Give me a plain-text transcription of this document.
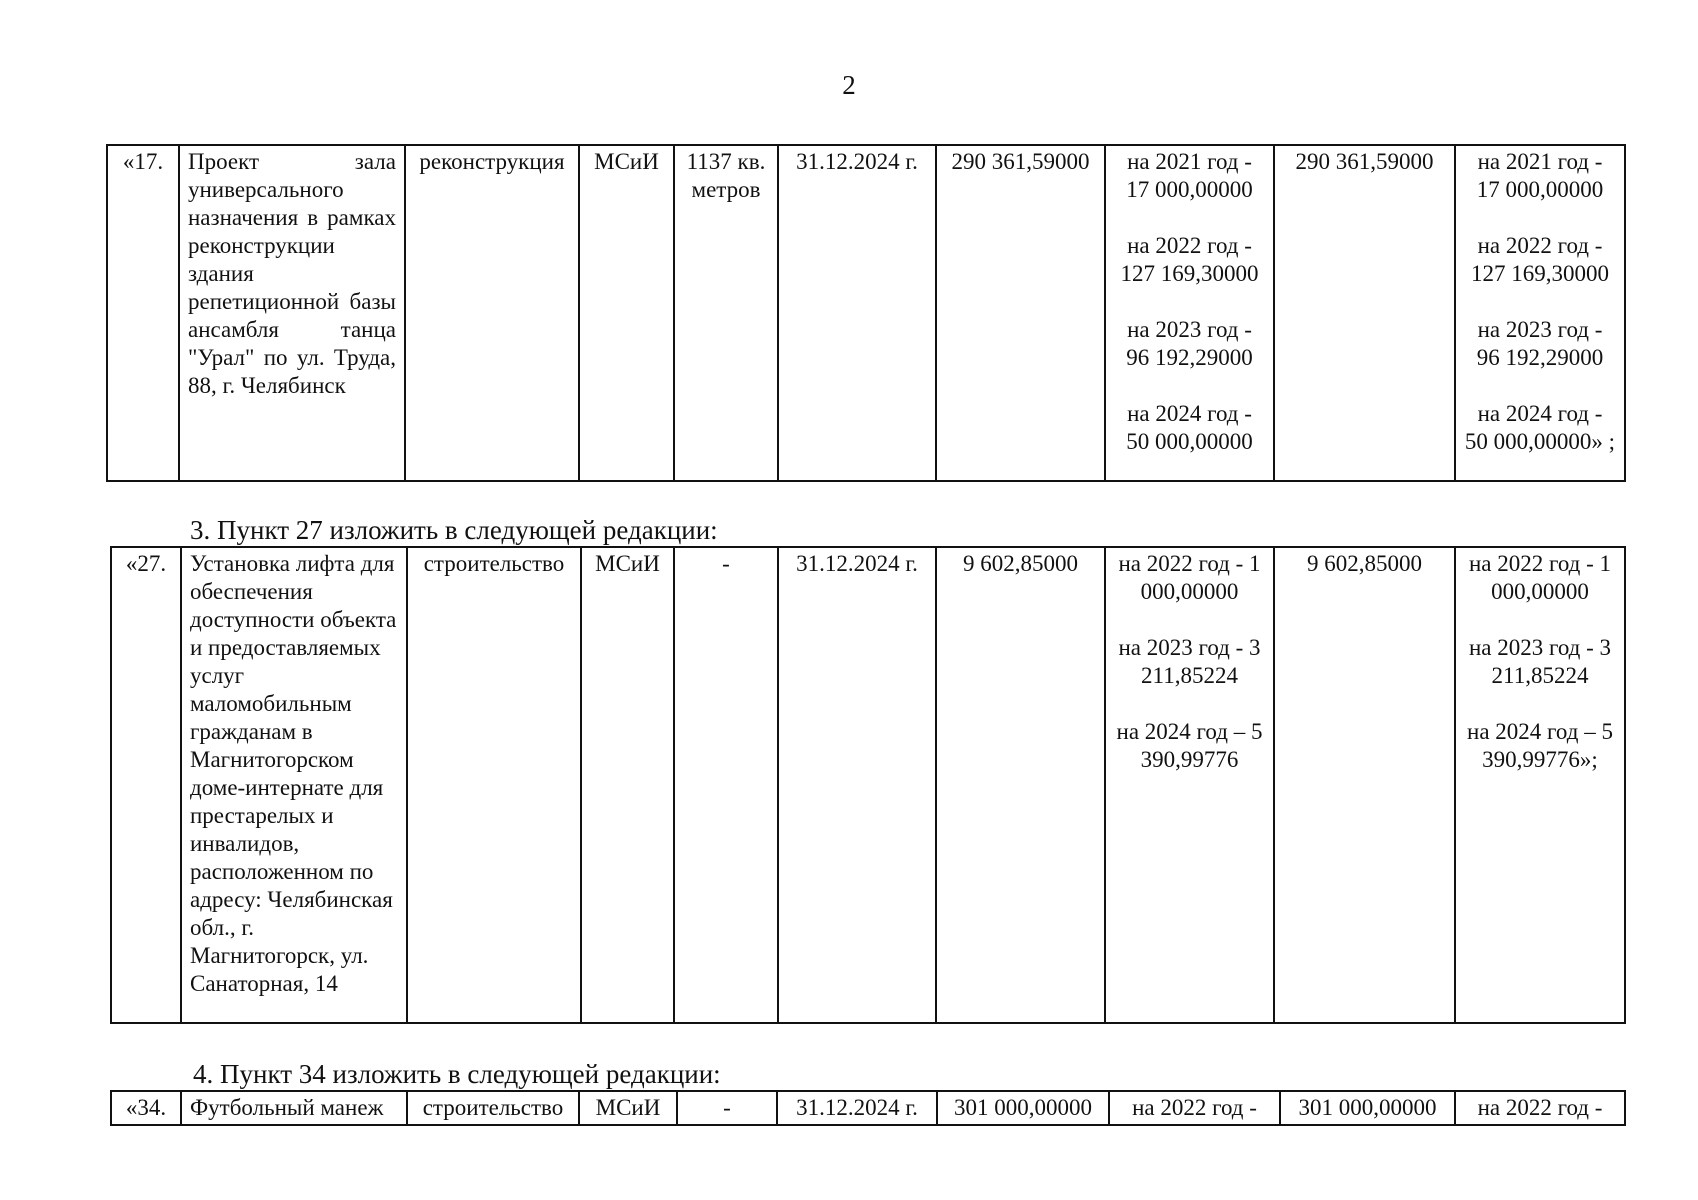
2
«17.	Проект зала универсального назначения в рамках реконструкции здания репетиционной базы ансамбля танца "Урал" по ул. Труда, 88, г. Челябинск	реконструкция	МСиИ	1137 кв. метров	31.12.2024 г.	290 361,59000	на 2021 год - 17 000,00000
на 2022 год - 127 169,30000
на 2023 год - 96 192,29000
на 2024 год - 50 000,00000	290 361,59000	на 2021 год - 17 000,00000
на 2022 год - 127 169,30000
на 2023 год - 96 192,29000
на 2024 год - 50 000,00000» ;
3. Пункт 27 изложить в следующей редакции:
«27.	Установка лифта для обеспечения доступности объекта и предоставляемых услуг маломобильным гражданам в Магнитогорском доме-интернате для престарелых и инвалидов, расположенном по адресу: Челябинская обл., г. Магнитогорск, ул. Санаторная, 14	строительство	МСиИ	-	31.12.2024 г.	9 602,85000	на 2022 год - 1 000,00000
на 2023 год - 3 211,85224
на 2024 год – 5 390,99776	9 602,85000	на 2022 год - 1 000,00000
на 2023 год - 3 211,85224
на 2024 год – 5 390,99776»;
4. Пункт 34 изложить в следующей редакции:
«34.	Футбольный манеж	строительство	МСиИ	-	31.12.2024 г.	301 000,00000	на 2022 год -	301 000,00000	на 2022 год -
